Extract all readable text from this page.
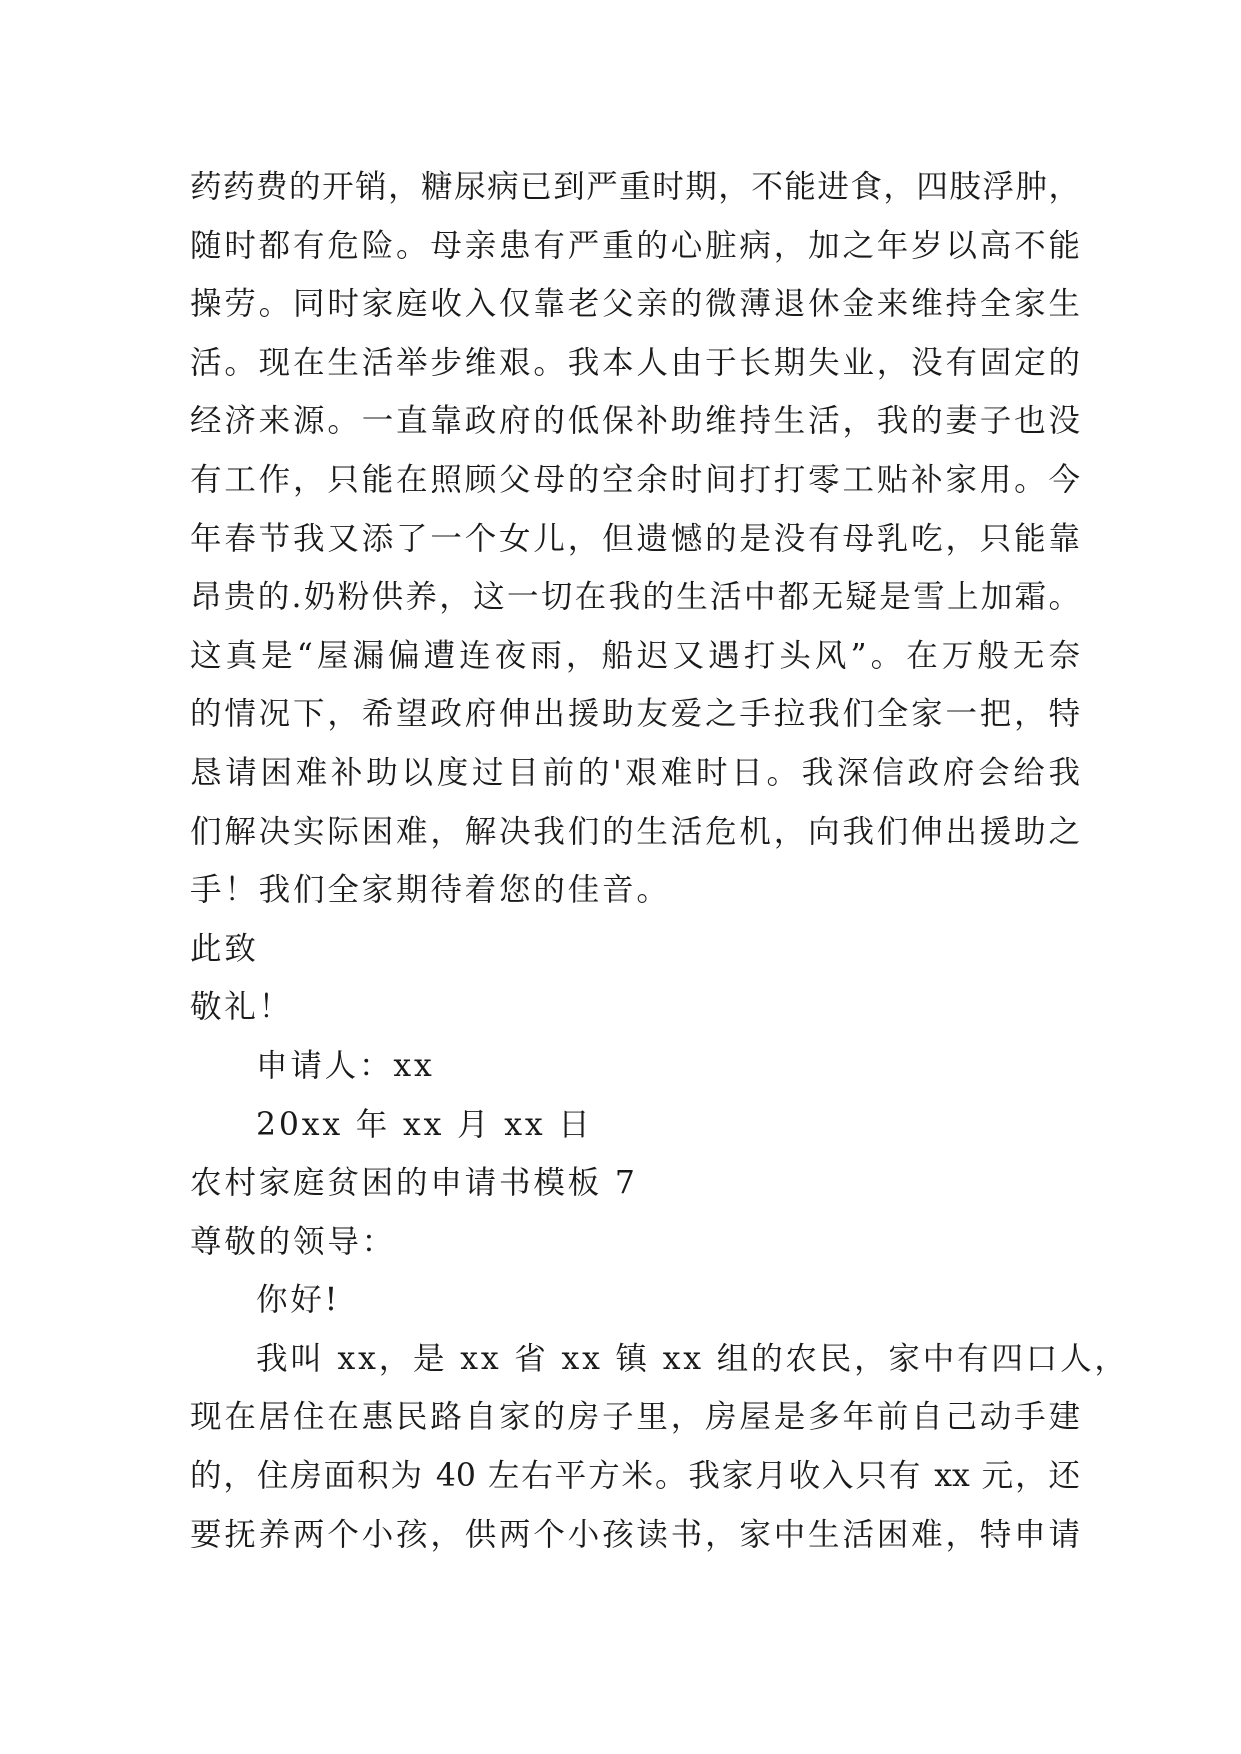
药药费的开销，糖尿病已到严重时期，不能进食，四肢浮肿，
随时都有危险。母亲患有严重的心脏病，加之年岁以高不能
操劳。同时家庭收入仅靠老父亲的微薄退休金来维持全家生
活。现在生活举步维艰。我本人由于长期失业，没有固定的
经济来源。一直靠政府的低保补助维持生活，我的妻子也没
有工作，只能在照顾父母的空余时间打打零工贴补家用。今
年春节我又添了一个女儿，但遗憾的是没有母乳吃，只能靠
昂贵的.奶粉供养，这一切在我的生活中都无疑是雪上加霜。
这真是“屋漏偏遭连夜雨，船迟又遇打头风”。在万般无奈
的情况下，希望政府伸出援助友爱之手拉我们全家一把，特
恳请困难补助以度过目前的'艰难时日。我深信政府会给我
们解决实际困难，解决我们的生活危机，向我们伸出援助之
手！我们全家期待着您的佳音。
此致
敬礼！
申请人：xx
20xx 年 xx 月 xx 日
农村家庭贫困的申请书模板 7
尊敬的领导：
你好!
我叫 xx，是 xx 省 xx 镇 xx 组的农民，家中有四口人，
现在居住在惠民路自家的房子里，房屋是多年前自己动手建
的，住房面积为 40 左右平方米。我家月收入只有 xx 元，还
要抚养两个小孩，供两个小孩读书，家中生活困难，特申请
